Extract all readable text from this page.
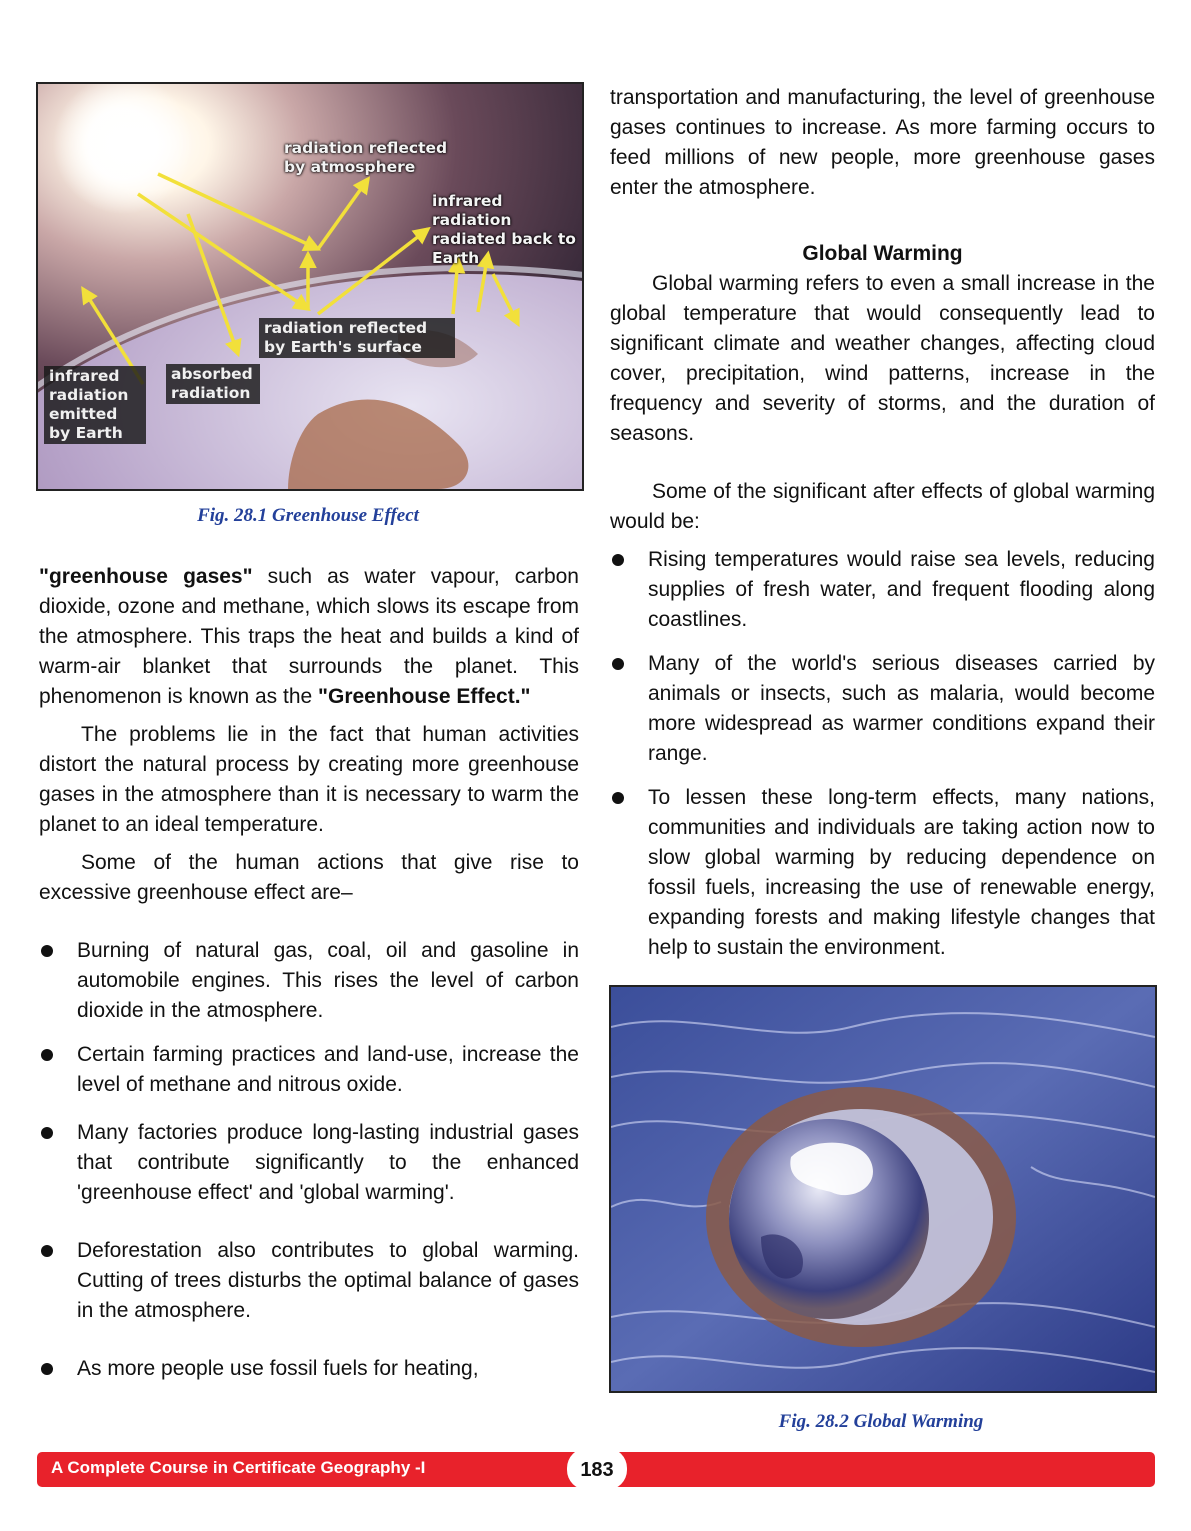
radiation reflected by atmosphere
infrared radiation radiated back to Earth
radiation reflected by Earth's surface
absorbed radiation
infrared radiation emitted by Earth
Fig. 28.1 Greenhouse Effect

"greenhouse gases" such as water vapour, carbon dioxide, ozone and methane, which slows its escape from the atmosphere. This traps the heat and builds a kind of warm-air blanket that surrounds the planet. This phenomenon is known as the "Greenhouse Effect."

The problems lie in the fact that human activities distort the natural process by creating more greenhouse gases in the atmosphere than it is necessary to warm the planet to an ideal temperature.

Some of the human actions that give rise to excessive greenhouse effect are–

Burning of natural gas, coal, oil and gasoline in automobile engines. This rises the level of carbon dioxide in the atmosphere.
Certain farming practices and land-use, increase the level of methane and nitrous oxide.
Many factories produce long-lasting industrial gases that contribute significantly to the enhanced 'greenhouse effect' and 'global warming'.
Deforestation also contributes to global warming. Cutting of trees disturbs the optimal balance of gases in the atmosphere.
As more people use fossil fuels for heating,

transportation and manufacturing, the level of greenhouse gases continues to increase. As more farming occurs to feed millions of new people, more greenhouse gases enter the atmosphere.

Global Warming

Global warming refers to even a small increase in the global temperature that would consequently lead to significant climate and weather changes, affecting cloud cover, precipitation, wind patterns, increase in the frequency and severity of storms, and the duration of seasons.

Some of the significant after effects of global warming would be:

Rising temperatures would raise sea levels, reducing supplies of fresh water, and frequent flooding along coastlines.
Many of the world's serious diseases carried by animals or insects, such as malaria, would become more widespread as warmer conditions expand their range.
To lessen these long-term effects, many nations, communities and individuals are taking action now to slow global warming by reducing dependence on fossil fuels, increasing the use of renewable energy, expanding forests and making lifestyle changes that help to sustain the environment.
Fig. 28.2 Global Warming
A Complete Course in Certificate Geography -I	183
